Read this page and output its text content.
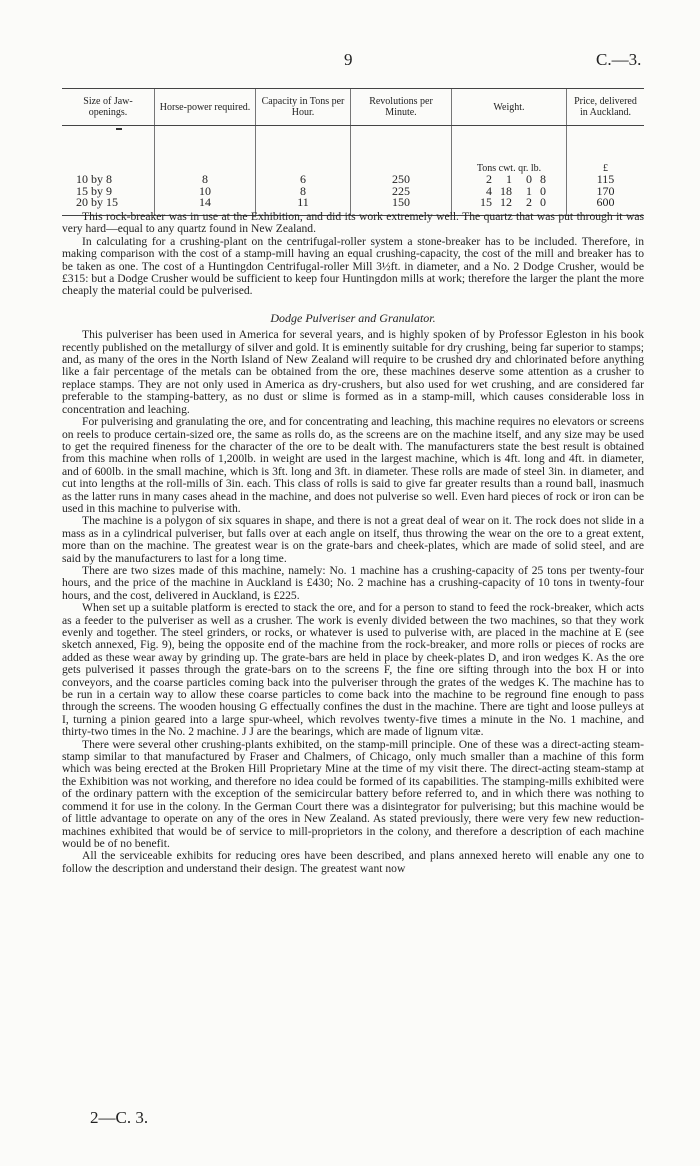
9	C.—3.
Size of Jaw-openings.	Horse-power required.	Capacity in Tons per Hour.	Revolutions per Minute.	Weight.	Price, delivered in Auckland.

				Tons cwt. qr. lb.	£
10 by 8	8	6	250	2 1 0 8	115
15 by 9	10	8	225	4 18 1 0	170
20 by 15	14	11	150	15 12 2 0	600

This rock-breaker was in use at the Exhibition, and did its work extremely well. The quartz that was put through it was very hard—equal to any quartz found in New Zealand.

In calculating for a crushing-plant on the centrifugal-roller system a stone-breaker has to be included. Therefore, in making comparison with the cost of a stamp-mill having an equal crushing-capacity, the cost of the mill and breaker has to be taken as one. The cost of a Huntingdon Centrifugal-roller Mill 3½ft. in diameter, and a No. 2 Dodge Crusher, would be £315: but a Dodge Crusher would be sufficient to keep four Huntingdon mills at work; therefore the larger the plant the more cheaply the material could be pulverised.

Dodge Pulveriser and Granulator.

This pulveriser has been used in America for several years, and is highly spoken of by Professor Egleston in his book recently published on the metallurgy of silver and gold. It is eminently suitable for dry crushing, being far superior to stamps; and, as many of the ores in the North Island of New Zealand will require to be crushed dry and chlorinated before anything like a fair percentage of the metals can be obtained from the ore, these machines deserve some attention as a crusher to replace stamps. They are not only used in America as dry-crushers, but also used for wet crushing, and are considered far preferable to the stamping-battery, as no dust or slime is formed as in a stamp-mill, which causes considerable loss in concentration and leaching.

For pulverising and granulating the ore, and for concentrating and leaching, this machine requires no elevators or screens on reels to produce certain-sized ore, the same as rolls do, as the screens are on the machine itself, and any size may be used to get the required fineness for the character of the ore to be dealt with. The manufacturers state the best result is obtained from this machine when rolls of 1,200lb. in weight are used in the largest machine, which is 4ft. long and 4ft. in diameter, and of 600lb. in the small machine, which is 3ft. long and 3ft. in diameter. These rolls are made of steel 3in. in diameter, and cut into lengths at the roll-mills of 3in. each. This class of rolls is said to give far greater results than a round ball, inasmuch as the latter runs in many cases ahead in the machine, and does not pulverise so well. Even hard pieces of rock or iron can be used in this machine to pulverise with.

The machine is a polygon of six squares in shape, and there is not a great deal of wear on it. The rock does not slide in a mass as in a cylindrical pulveriser, but falls over at each angle on itself, thus throwing the wear on the ore to a great extent, more than on the machine. The greatest wear is on the grate-bars and cheek-plates, which are made of solid steel, and are said by the manufacturers to last for a long time.

There are two sizes made of this machine, namely: No. 1 machine has a crushing-capacity of 25 tons per twenty-four hours, and the price of the machine in Auckland is £430; No. 2 machine has a crushing-capacity of 10 tons in twenty-four hours, and the cost, delivered in Auckland, is £225.

When set up a suitable platform is erected to stack the ore, and for a person to stand to feed the rock-breaker, which acts as a feeder to the pulveriser as well as a crusher. The work is evenly divided between the two machines, so that they work evenly and together. The steel grinders, or rocks, or whatever is used to pulverise with, are placed in the machine at E (see sketch annexed, Fig. 9), being the opposite end of the machine from the rock-breaker, and more rolls or pieces of rocks are added as these wear away by grinding up. The grate-bars are held in place by cheek-plates D, and iron wedges K. As the ore gets pulverised it passes through the grate-bars on to the screens F, the fine ore sifting through into the box H or into conveyors, and the coarse particles coming back into the pulveriser through the grates of the wedges K. The machine has to be run in a certain way to allow these coarse particles to come back into the machine to be reground fine enough to pass through the screens. The wooden housing G effectually confines the dust in the machine. There are tight and loose pulleys at I, turning a pinion geared into a large spur-wheel, which revolves twenty-five times a minute in the No. 1 machine, and thirty-two times in the No. 2 machine. J J are the bearings, which are made of lignum vitæ.

There were several other crushing-plants exhibited, on the stamp-mill principle. One of these was a direct-acting steam-stamp similar to that manufactured by Fraser and Chalmers, of Chicago, only much smaller than a machine of this form which was being erected at the Broken Hill Proprietary Mine at the time of my visit there. The direct-acting steam-stamp at the Exhibition was not working, and therefore no idea could be formed of its capabilities. The stamping-mills exhibited were of the ordinary pattern with the exception of the semicircular battery before referred to, and in which there was nothing to commend it for use in the colony. In the German Court there was a disintegrator for pulverising; but this machine would be of little advantage to operate on any of the ores in New Zealand. As stated previously, there were very few new reduction-machines exhibited that would be of service to mill-proprietors in the colony, and therefore a description of each machine would be of no benefit.

All the serviceable exhibits for reducing ores have been described, and plans annexed hereto will enable any one to follow the description and understand their design. The greatest want now

2—C. 3.
